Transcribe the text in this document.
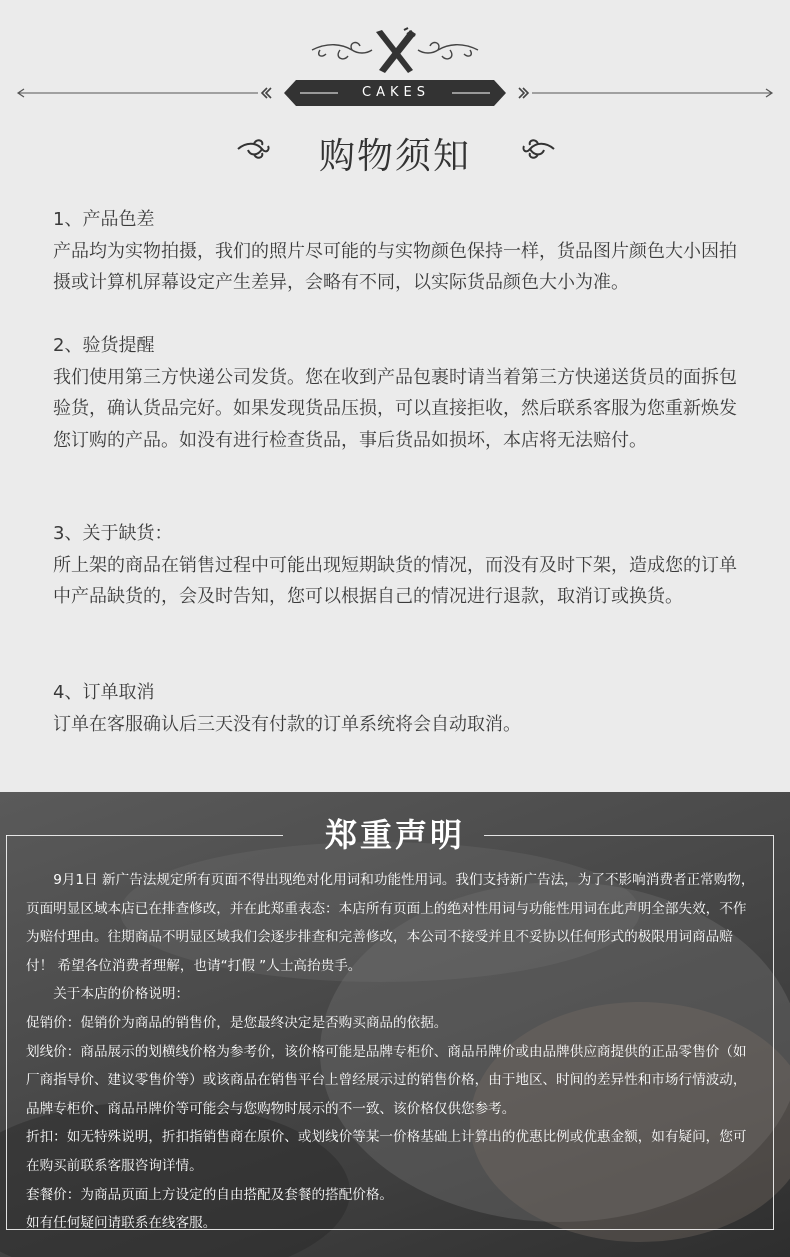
CAKES
购物须知
1、产品色差
产品均为实物拍摄，我们的照片尽可能的与实物颜色保持一样，货品图片颜色大小因拍摄或计算机屏幕设定产生差异，会略有不同，以实际货品颜色大小为准。
2、验货提醒
我们使用第三方快递公司发货。您在收到产品包裹时请当着第三方快递送货员的面拆包验货，确认货品完好。如果发现货品压损，可以直接拒收，然后联系客服为您重新焕发您订购的产品。如没有进行检查货品，事后货品如损坏，本店将无法赔付。
3、关于缺货：
所上架的商品在销售过程中可能出现短期缺货的情况，而没有及时下架，造成您的订单中产品缺货的，会及时告知，您可以根据自己的情况进行退款，取消订或换货。
4、订单取消
订单在客服确认后三天没有付款的订单系统将会自动取消。
郑重声明

9月1日 新广告法规定所有页面不得出现绝对化用词和功能性用词。我们支持新广告法，为了不影响消费者正常购物，页面明显区域本店已在排查修改，并在此郑重表态：本店所有页面上的绝对性用词与功能性用词在此声明全部失效，不作为赔付理由。往期商品不明显区域我们会逐步排查和完善修改，本公司不接受并且不妥协以任何形式的极限用词商品赔付！ 希望各位消费者理解，也请“打假 ”人士高抬贵手。

关于本店的价格说明：

促销价：促销价为商品的销售价，是您最终决定是否购买商品的依据。

划线价：商品展示的划横线价格为参考价，该价格可能是品牌专柜价、商品吊牌价或由品牌供应商提供的正品零售价（如厂商指导价、建议零售价等）或该商品在销售平台上曾经展示过的销售价格，由于地区、时间的差异性和市场行情波动，品牌专柜价、商品吊牌价等可能会与您购物时展示的不一致、该价格仅供您参考。

折扣：如无特殊说明，折扣指销售商在原价、或划线价等某一价格基础上计算出的优惠比例或优惠金额，如有疑问，您可在购买前联系客服咨询详情。

套餐价：为商品页面上方设定的自由搭配及套餐的搭配价格。

如有任何疑问请联系在线客服。
